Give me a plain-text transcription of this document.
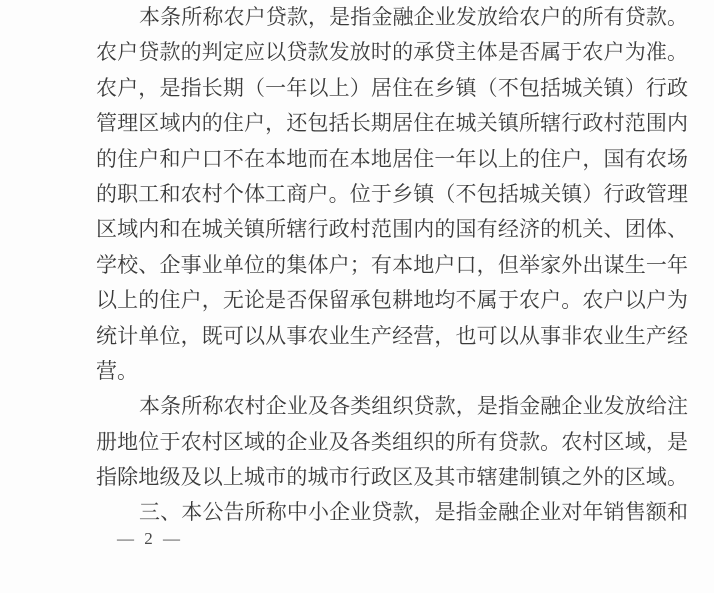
本条所称农户贷款，是指金融企业发放给农户的所有贷款。
农户贷款的判定应以贷款发放时的承贷主体是否属于农户为准。
农户，是指长期（一年以上）居住在乡镇（不包括城关镇）行政
管理区域内的住户，还包括长期居住在城关镇所辖行政村范围内
的住户和户口不在本地而在本地居住一年以上的住户，国有农场
的职工和农村个体工商户。位于乡镇（不包括城关镇）行政管理
区域内和在城关镇所辖行政村范围内的国有经济的机关、团体、
学校、企事业单位的集体户；有本地户口，但举家外出谋生一年
以上的住户，无论是否保留承包耕地均不属于农户。农户以户为
统计单位，既可以从事农业生产经营，也可以从事非农业生产经
营。
本条所称农村企业及各类组织贷款，是指金融企业发放给注
册地位于农村区域的企业及各类组织的所有贷款。农村区域，是
指除地级及以上城市的城市行政区及其市辖建制镇之外的区域。
三、本公告所称中小企业贷款，是指金融企业对年销售额和
— 2 —
